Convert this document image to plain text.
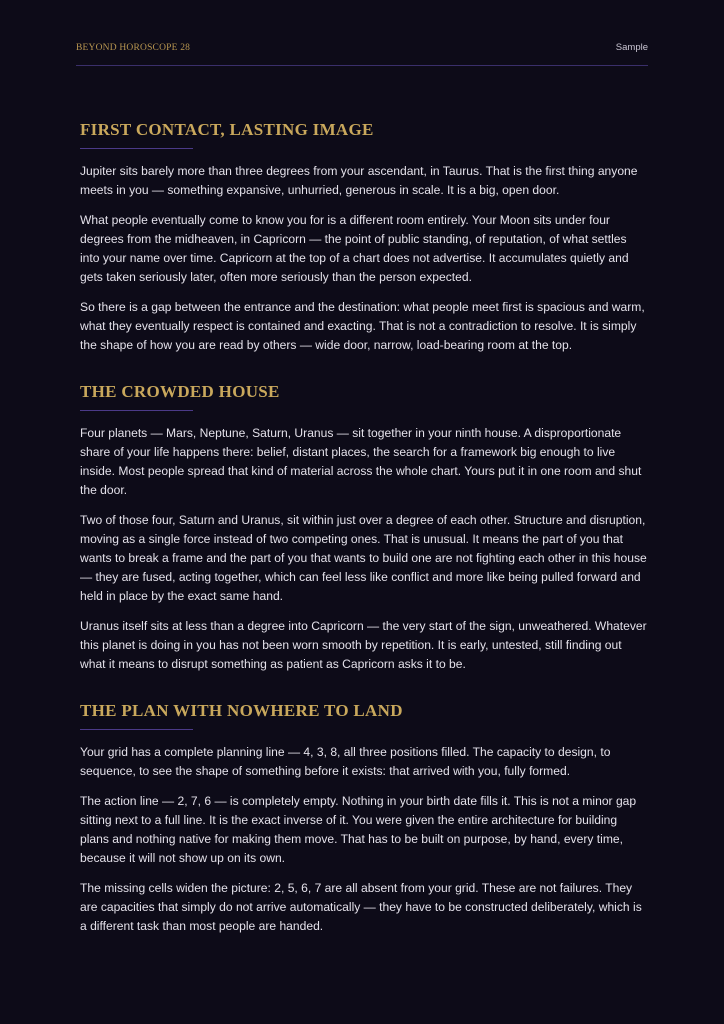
BEYOND HOROSCOPE 28	Sample
FIRST CONTACT, LASTING IMAGE

Jupiter sits barely more than three degrees from your ascendant, in Taurus. That is the first thing anyone meets in you — something expansive, unhurried, generous in scale. It is a big, open door.

What people eventually come to know you for is a different room entirely. Your Moon sits under four degrees from the midheaven, in Capricorn — the point of public standing, of reputation, of what settles into your name over time. Capricorn at the top of a chart does not advertise. It accumulates quietly and gets taken seriously later, often more seriously than the person expected.

So there is a gap between the entrance and the destination: what people meet first is spacious and warm, what they eventually respect is contained and exacting. That is not a contradiction to resolve. It is simply the shape of how you are read by others — wide door, narrow, load-bearing room at the top.

THE CROWDED HOUSE

Four planets — Mars, Neptune, Saturn, Uranus — sit together in your ninth house. A disproportionate share of your life happens there: belief, distant places, the search for a framework big enough to live inside. Most people spread that kind of material across the whole chart. Yours put it in one room and shut the door.

Two of those four, Saturn and Uranus, sit within just over a degree of each other. Structure and disruption, moving as a single force instead of two competing ones. That is unusual. It means the part of you that wants to break a frame and the part of you that wants to build one are not fighting each other in this house — they are fused, acting together, which can feel less like conflict and more like being pulled forward and held in place by the exact same hand.

Uranus itself sits at less than a degree into Capricorn — the very start of the sign, unweathered. Whatever this planet is doing in you has not been worn smooth by repetition. It is early, untested, still finding out what it means to disrupt something as patient as Capricorn asks it to be.

THE PLAN WITH NOWHERE TO LAND

Your grid has a complete planning line — 4, 3, 8, all three positions filled. The capacity to design, to sequence, to see the shape of something before it exists: that arrived with you, fully formed.

The action line — 2, 7, 6 — is completely empty. Nothing in your birth date fills it. This is not a minor gap sitting next to a full line. It is the exact inverse of it. You were given the entire architecture for building plans and nothing native for making them move. That has to be built on purpose, by hand, every time, because it will not show up on its own.

The missing cells widen the picture: 2, 5, 6, 7 are all absent from your grid. These are not failures. They are capacities that simply do not arrive automatically — they have to be constructed deliberately, which is a different task than most people are handed.
